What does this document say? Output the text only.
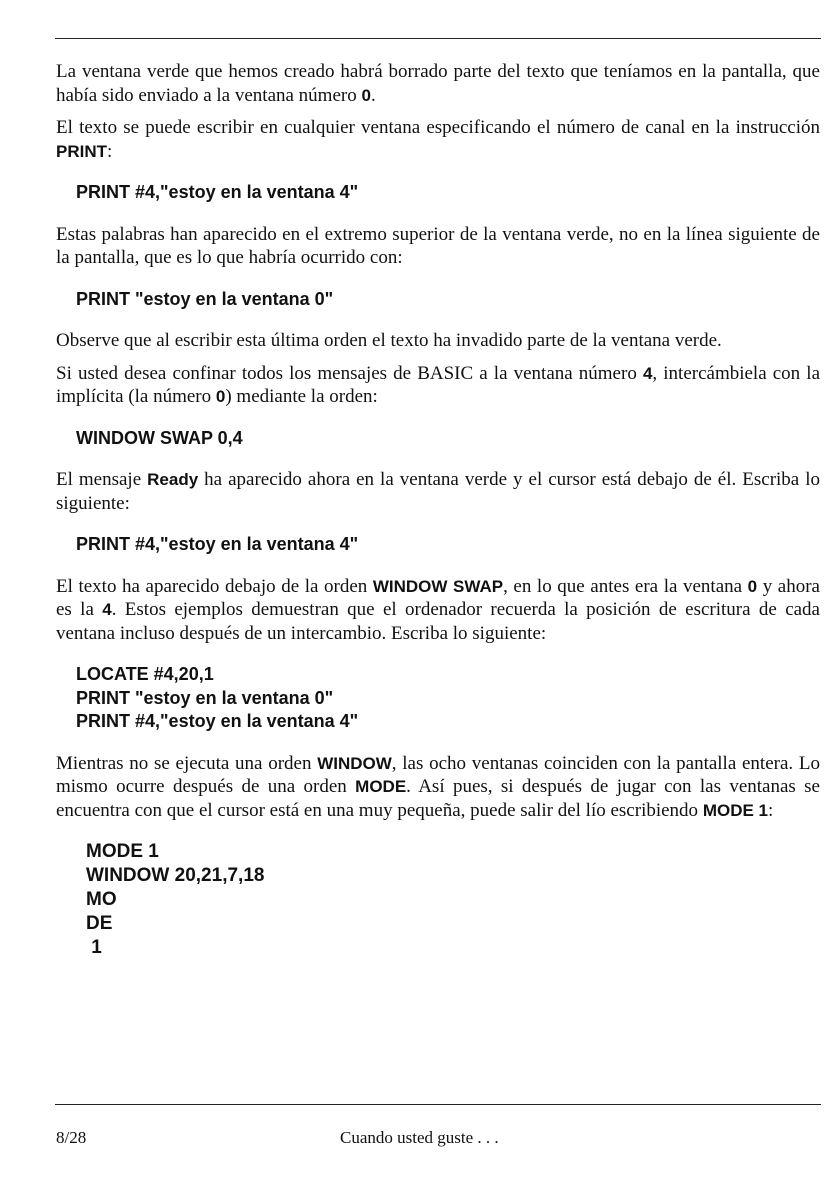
La ventana verde que hemos creado habrá borrado parte del texto que teníamos en la pantalla, que había sido enviado a la ventana número 0.

El texto se puede escribir en cualquier ventana especificando el número de canal en la instrucción PRINT:

PRINT #4,"estoy en la ventana 4"

Estas palabras han aparecido en el extremo superior de la ventana verde, no en la línea siguiente de la pantalla, que es lo que habría ocurrido con:

PRINT "estoy en la ventana 0"

Observe que al escribir esta última orden el texto ha invadido parte de la ventana verde.

Si usted desea confinar todos los mensajes de BASIC a la ventana número 4, intercámbiela con la implícita (la número 0) mediante la orden:

WINDOW SWAP 0,4

El mensaje Ready ha aparecido ahora en la ventana verde y el cursor está debajo de él. Escriba lo siguiente:

PRINT #4,"estoy en la ventana 4"

El texto ha aparecido debajo de la orden WINDOW SWAP, en lo que antes era la ventana 0 y ahora es la 4. Estos ejemplos demuestran que el ordenador recuerda la posición de escritura de cada ventana incluso después de un intercambio. Escriba lo siguiente:

LOCATE #4,20,1
PRINT "estoy en la ventana 0"
PRINT #4,"estoy en la ventana 4"

Mientras no se ejecuta una orden WINDOW, las ocho ventanas coinciden con la pantalla entera. Lo mismo ocurre después de una orden MODE. Así pues, si después de jugar con las ventanas se encuentra con que el cursor está en una muy pequeña, puede salir del lío escribiendo MODE 1:

MODE 1
WINDOW 20,21,7,18
MO
DE
1
8/28	Cuando usted guste . . .
